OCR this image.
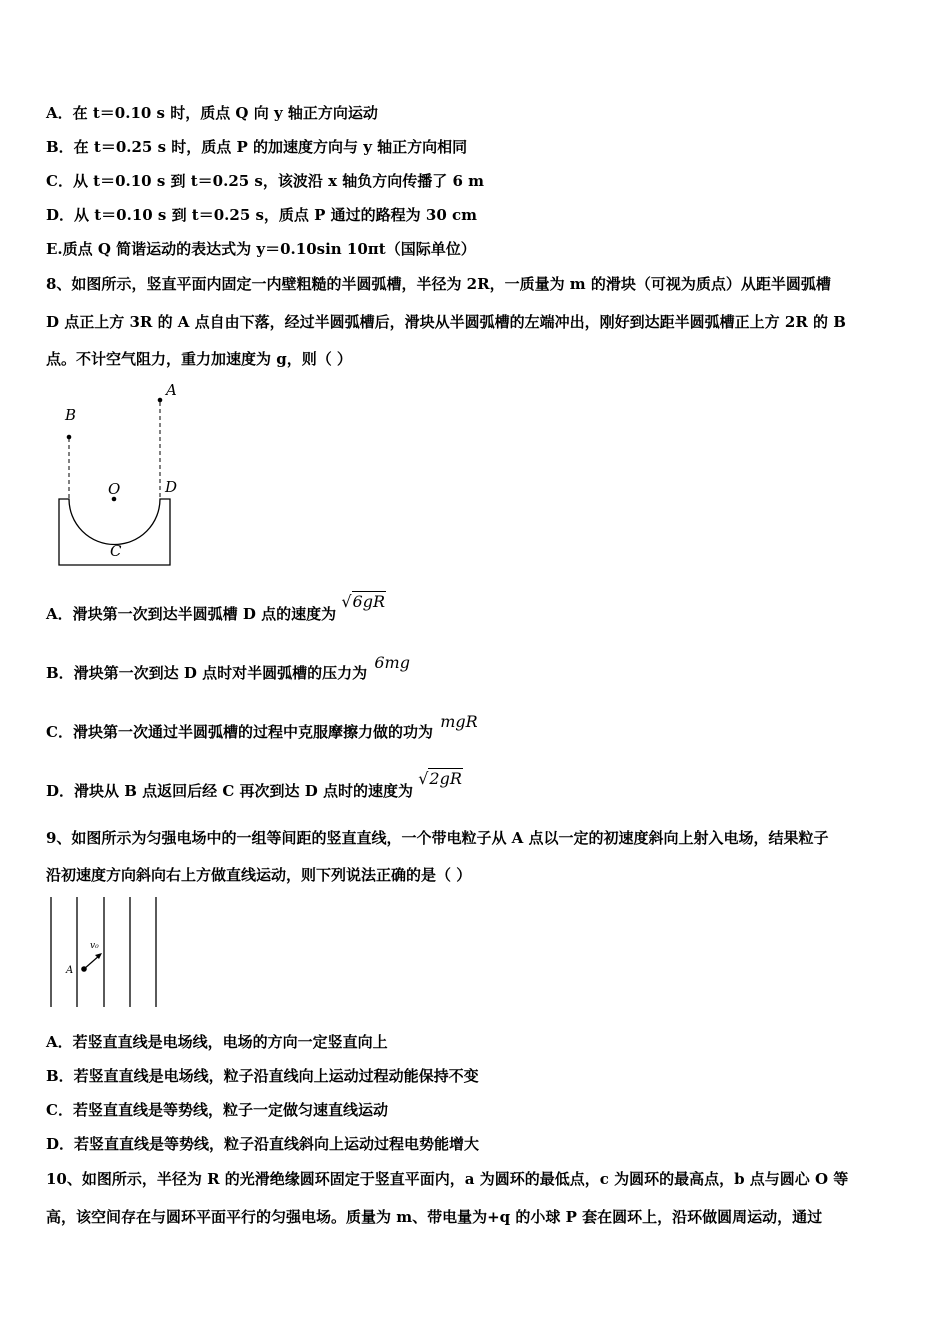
A．在 t＝0.10 s 时，质点 Q 向 y 轴正方向运动
B．在 t＝0.25 s 时，质点 P 的加速度方向与 y 轴正方向相同
C．从 t＝0.10 s 到 t＝0.25 s，该波沿 x 轴负方向传播了 6 m
D．从 t＝0.10 s 到 t＝0.25 s，质点 P 通过的路程为 30 cm
E.质点 Q 简谐运动的表达式为 y＝0.10sin 10πt（国际单位）
8、如图所示，竖直平面内固定一内壁粗糙的半圆弧槽，半径为 2R，一质量为 m 的滑块（可视为质点）从距半圆弧槽
D 点正上方 3R 的 A 点自由下落，经过半圆弧槽后，滑块从半圆弧槽的左端冲出，刚好到达距半圆弧槽正上方 2R 的 B
点。不计空气阻力，重力加速度为 g，则（ ）
B
A
O	D
C
A．滑块第一次到达半圆弧槽 D 点的速度为 √6gR
B．滑块第一次到达 D 点时对半圆弧槽的压力为 6mg
C．滑块第一次通过半圆弧槽的过程中克服摩擦力做的功为 mgR
D．滑块从 B 点返回后经 C 再次到达 D 点时的速度为 √2gR
9、如图所示为匀强电场中的一组等间距的竖直直线，一个带电粒子从 A 点以一定的初速度斜向上射入电场，结果粒子
沿初速度方向斜向右上方做直线运动，则下列说法正确的是（ ）
A
v₀
A．若竖直直线是电场线，电场的方向一定竖直向上
B．若竖直直线是电场线，粒子沿直线向上运动过程动能保持不变
C．若竖直直线是等势线，粒子一定做匀速直线运动
D．若竖直直线是等势线，粒子沿直线斜向上运动过程电势能增大
10、如图所示，半径为 R 的光滑绝缘圆环固定于竖直平面内，a 为圆环的最低点，c 为圆环的最高点，b 点与圆心 O 等
高，该空间存在与圆环平面平行的匀强电场。质量为 m、带电量为+q 的小球 P 套在圆环上，沿环做圆周运动，通过
